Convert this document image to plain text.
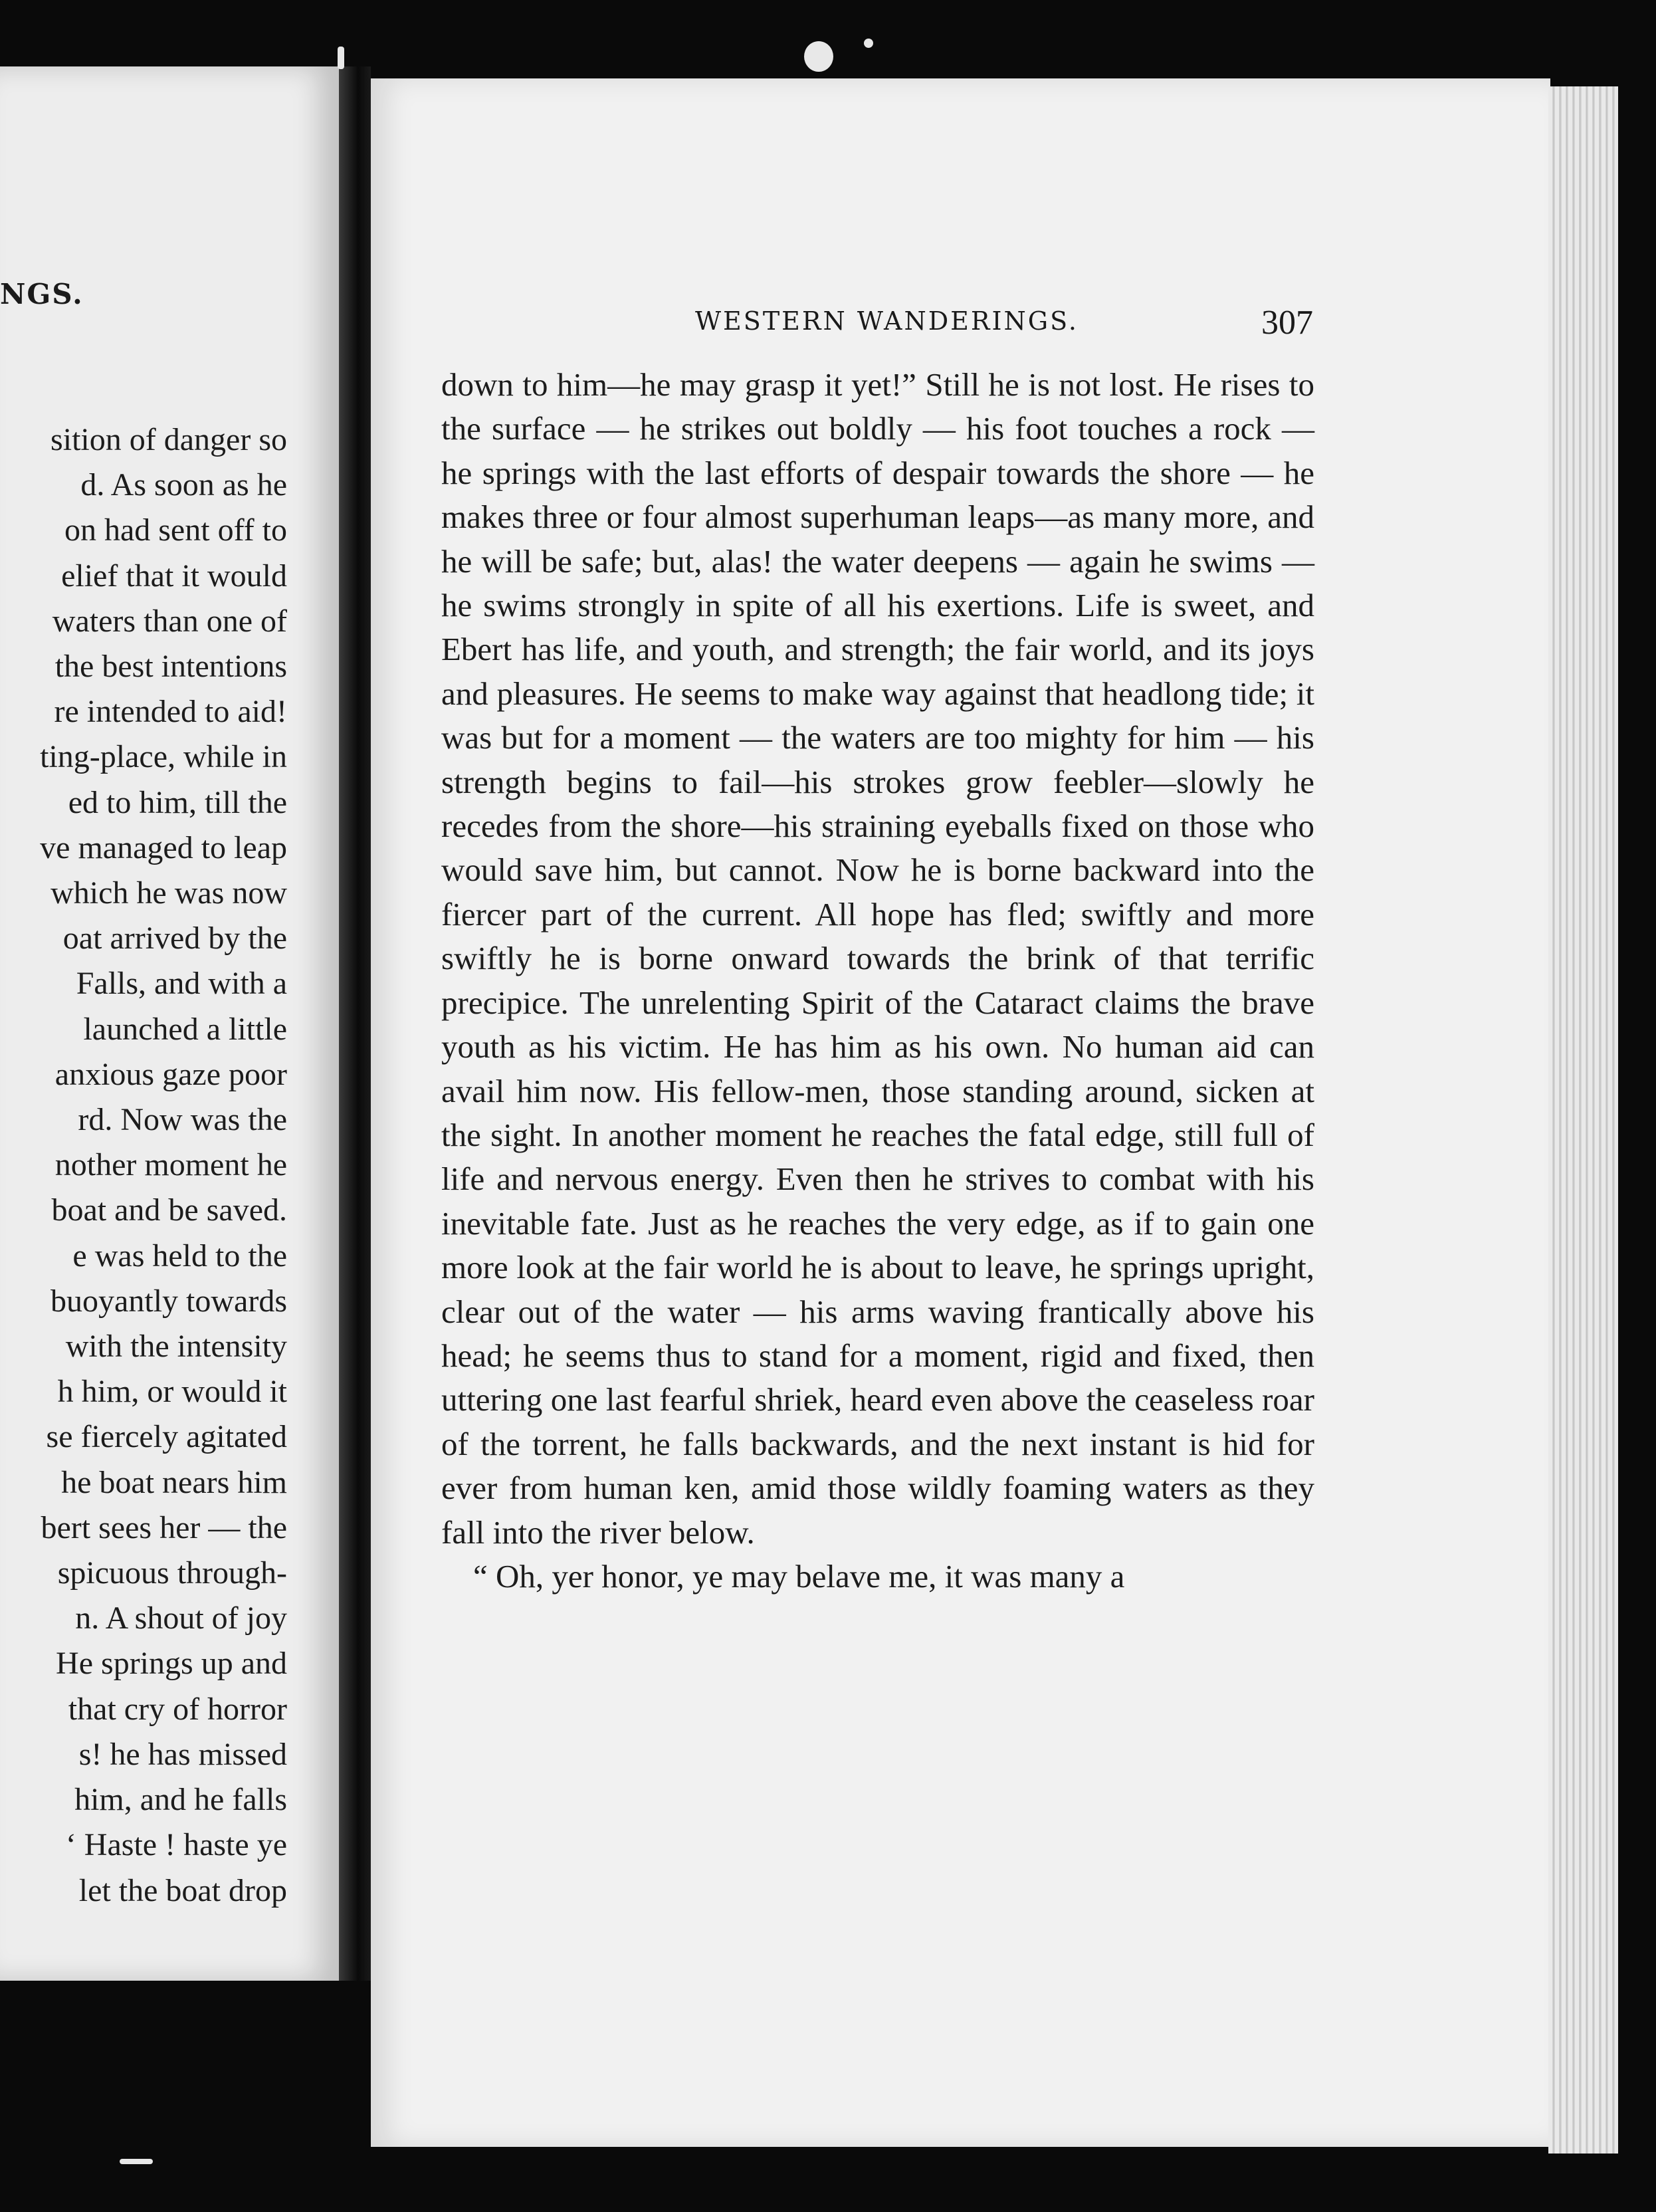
NGS.
sition of danger so
d. As soon as he
on had sent off to
elief that it would
waters than one of
the best intentions
re intended to aid!
ting-place, while in
ed to him, till the
ve managed to leap
which he was now
oat arrived by the
Falls, and with a
launched a little
anxious gaze poor
rd. Now was the
nother moment he
boat and be saved.
e was held to the
buoyantly towards
with the intensity
h him, or would it
se fiercely agitated
he boat nears him
bert sees her — the
spicuous through-
n. A shout of joy
He springs up and
that cry of horror
s! he has missed
him, and he falls
‘ Haste ! haste ye
let the boat drop
WESTERN WANDERINGS.	307

down to him—he may grasp it yet!” Still he is not lost. He rises to the surface — he strikes out boldly — his foot touches a rock — he springs with the last efforts of despair towards the shore — he makes three or four almost superhuman leaps—as many more, and he will be safe; but, alas! the water deepens — again he swims — he swims strongly in spite of all his exertions. Life is sweet, and Ebert has life, and youth, and strength; the fair world, and its joys and pleasures. He seems to make way against that headlong tide; it was but for a moment — the waters are too mighty for him — his strength begins to fail—his strokes grow feebler—slowly he recedes from the shore—his straining eyeballs fixed on those who would save him, but cannot. Now he is borne backward into the fiercer part of the current. All hope has fled; swiftly and more swiftly he is borne onward towards the brink of that terrific precipice. The unrelenting Spirit of the Cataract claims the brave youth as his victim. He has him as his own. No human aid can avail him now. His fellow-men, those standing around, sicken at the sight. In another moment he reaches the fatal edge, still full of life and nervous energy. Even then he strives to combat with his inevitable fate. Just as he reaches the very edge, as if to gain one more look at the fair world he is about to leave, he springs upright, clear out of the water — his arms waving frantically above his head; he seems thus to stand for a moment, rigid and fixed, then uttering one last fearful shriek, heard even above the ceaseless roar of the torrent, he falls backwards, and the next instant is hid for ever from human ken, amid those wildly foaming waters as they fall into the river below.

“ Oh, yer honor, ye may belave me, it was many a
